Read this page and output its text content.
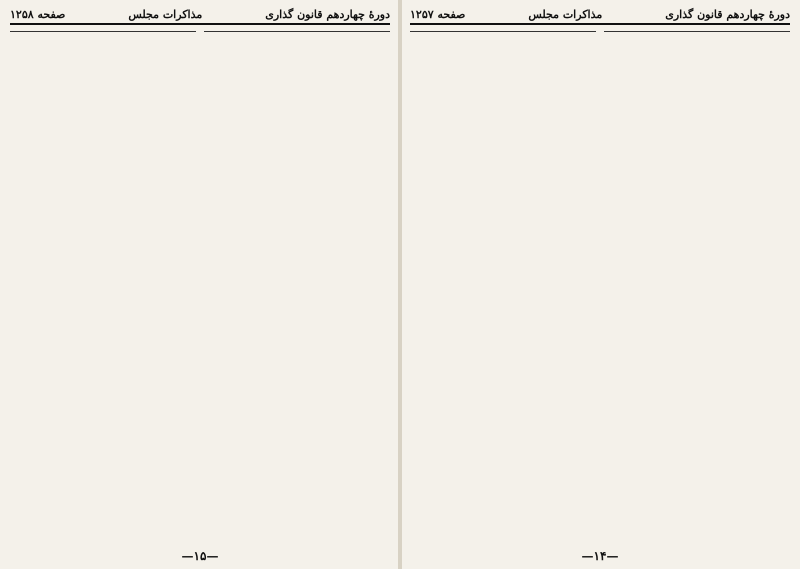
دورهٔ چهاردهم قانون گذاری
مذاکرات مجلس
صفحه ۱۲۵۸
—۱۵—
دورهٔ چهاردهم قانون گذاری
مذاکرات مجلس
صفحه ۱۲۵۷
—۱۴—
